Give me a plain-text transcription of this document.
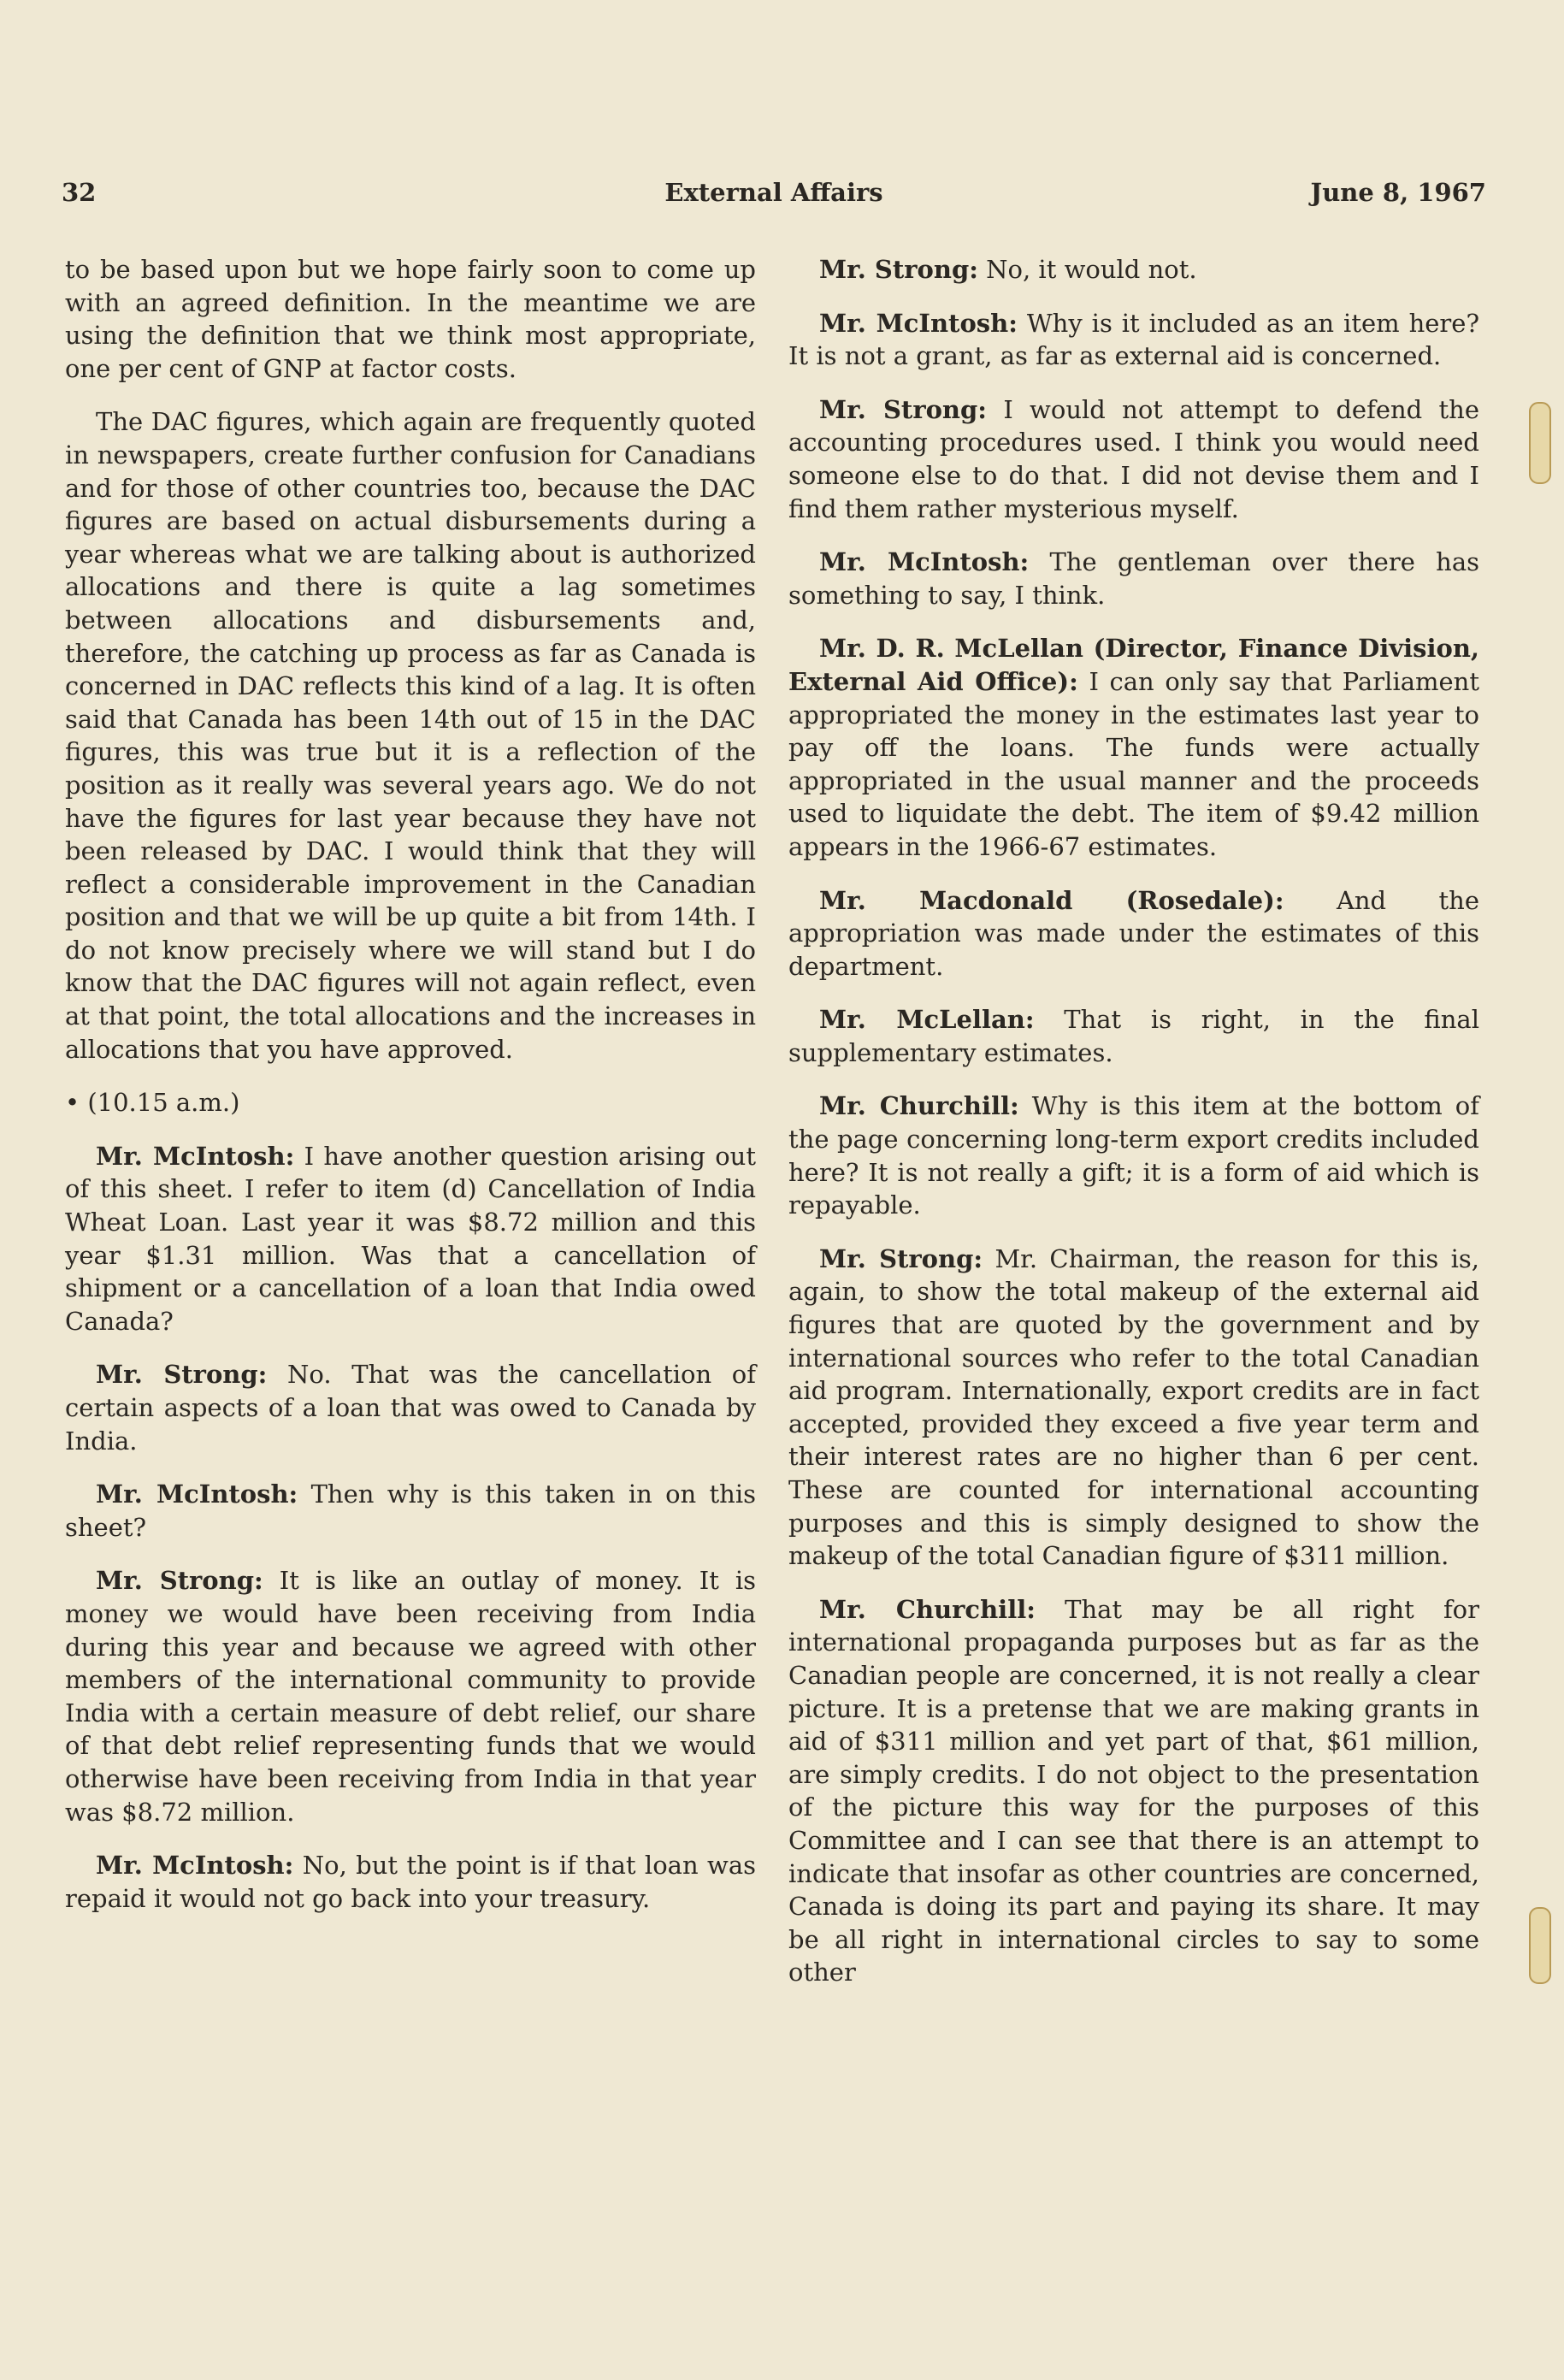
32	External Affairs	June 8, 1967

to be based upon but we hope fairly soon to come up with an agreed definition. In the meantime we are using the definition that we think most appropriate, one per cent of GNP at factor costs.

The DAC figures, which again are frequently quoted in newspapers, create further confusion for Canadians and for those of other countries too, because the DAC figures are based on actual disbursements during a year whereas what we are talking about is authorized allocations and there is quite a lag sometimes between allocations and disbursements and, therefore, the catching up process as far as Canada is concerned in DAC reflects this kind of a lag. It is often said that Canada has been 14th out of 15 in the DAC figures, this was true but it is a reflection of the position as it really was several years ago. We do not have the figures for last year because they have not been released by DAC. I would think that they will reflect a considerable improvement in the Canadian position and that we will be up quite a bit from 14th. I do not know precisely where we will stand but I do know that the DAC figures will not again reflect, even at that point, the total allocations and the increases in allocations that you have approved.

• (10.15 a.m.)

Mr. McIntosh: I have another question arising out of this sheet. I refer to item (d) Cancellation of India Wheat Loan. Last year it was $8.72 million and this year $1.31 million. Was that a cancellation of shipment or a cancellation of a loan that India owed Canada?

Mr. Strong: No. That was the cancellation of certain aspects of a loan that was owed to Canada by India.

Mr. McIntosh: Then why is this taken in on this sheet?

Mr. Strong: It is like an outlay of money. It is money we would have been receiving from India during this year and because we agreed with other members of the international community to provide India with a certain measure of debt relief, our share of that debt relief representing funds that we would otherwise have been receiving from India in that year was $8.72 million.

Mr. McIntosh: No, but the point is if that loan was repaid it would not go back into your treasury.

Mr. Strong: No, it would not.

Mr. McIntosh: Why is it included as an item here? It is not a grant, as far as external aid is concerned.

Mr. Strong: I would not attempt to defend the accounting procedures used. I think you would need someone else to do that. I did not devise them and I find them rather mysterious myself.

Mr. McIntosh: The gentleman over there has something to say, I think.

Mr. D. R. McLellan (Director, Finance Division, External Aid Office): I can only say that Parliament appropriated the money in the estimates last year to pay off the loans. The funds were actually appropriated in the usual manner and the proceeds used to liquidate the debt. The item of $9.42 million appears in the 1966-67 estimates.

Mr. Macdonald (Rosedale): And the appropriation was made under the estimates of this department.

Mr. McLellan: That is right, in the final supplementary estimates.

Mr. Churchill: Why is this item at the bottom of the page concerning long-term export credits included here? It is not really a gift; it is a form of aid which is repayable.

Mr. Strong: Mr. Chairman, the reason for this is, again, to show the total makeup of the external aid figures that are quoted by the government and by international sources who refer to the total Canadian aid program. Internationally, export credits are in fact accepted, provided they exceed a five year term and their interest rates are no higher than 6 per cent. These are counted for international accounting purposes and this is simply designed to show the makeup of the total Canadian figure of $311 million.

Mr. Churchill: That may be all right for international propaganda purposes but as far as the Canadian people are concerned, it is not really a clear picture. It is a pretense that we are making grants in aid of $311 million and yet part of that, $61 million, are simply credits. I do not object to the presentation of the picture this way for the purposes of this Committee and I can see that there is an attempt to indicate that insofar as other countries are concerned, Canada is doing its part and paying its share. It may be all right in international circles to say to some other
